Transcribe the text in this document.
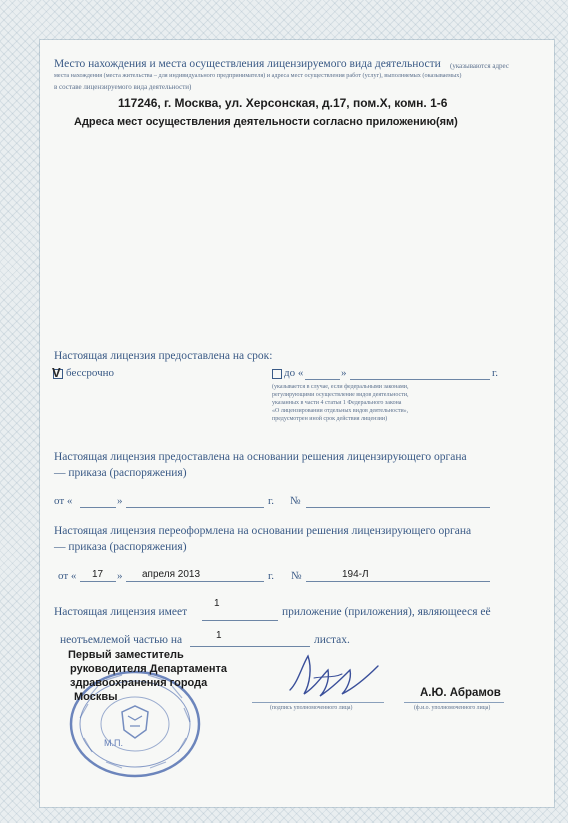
Место нахождения и места осуществления лицензируемого вида деятельности (указываются адрес

места нахождения (места жительства – для индивидуального предпринимателя) и адреса мест осуществления работ (услуг), выполняемых (оказываемых)

в составе лицензируемого вида деятельности)

117246, г. Москва, ул. Херсонская, д.17, пом.X, комн. 1-6

Адреса мест осуществления деятельности согласно приложению(ям)

Настоящая лицензия предоставлена на срок:

V бессрочно	до «	»	г.

(указывается в случае, если федеральными законами,

регулирующими осуществление видов деятельности,

указанных в части 4 статьи 1 Федерального закона

«О лицензировании отдельных видов деятельности»,

предусмотрен иной срок действия лицензии)

Настоящая лицензия предоставлена на основании решения лицензирующего органа

— приказа (распоряжения)

от «	»	г. №

Настоящая лицензия переоформлена на основании решения лицензирующего органа

— приказа (распоряжения)

от « 17 » апреля 2013	г. №	194-Л

Настоящая лицензия имеет

1

приложение (приложения), являющееся её

неотъемлемой частью на	1	листах.

М.П.

Первый заместитель

руководителя Департамента

здравоохранения города

Москвы

(подпись уполномоченного лица)

А.Ю. Абрамов

(ф.и.о. уполномоченного лица)
